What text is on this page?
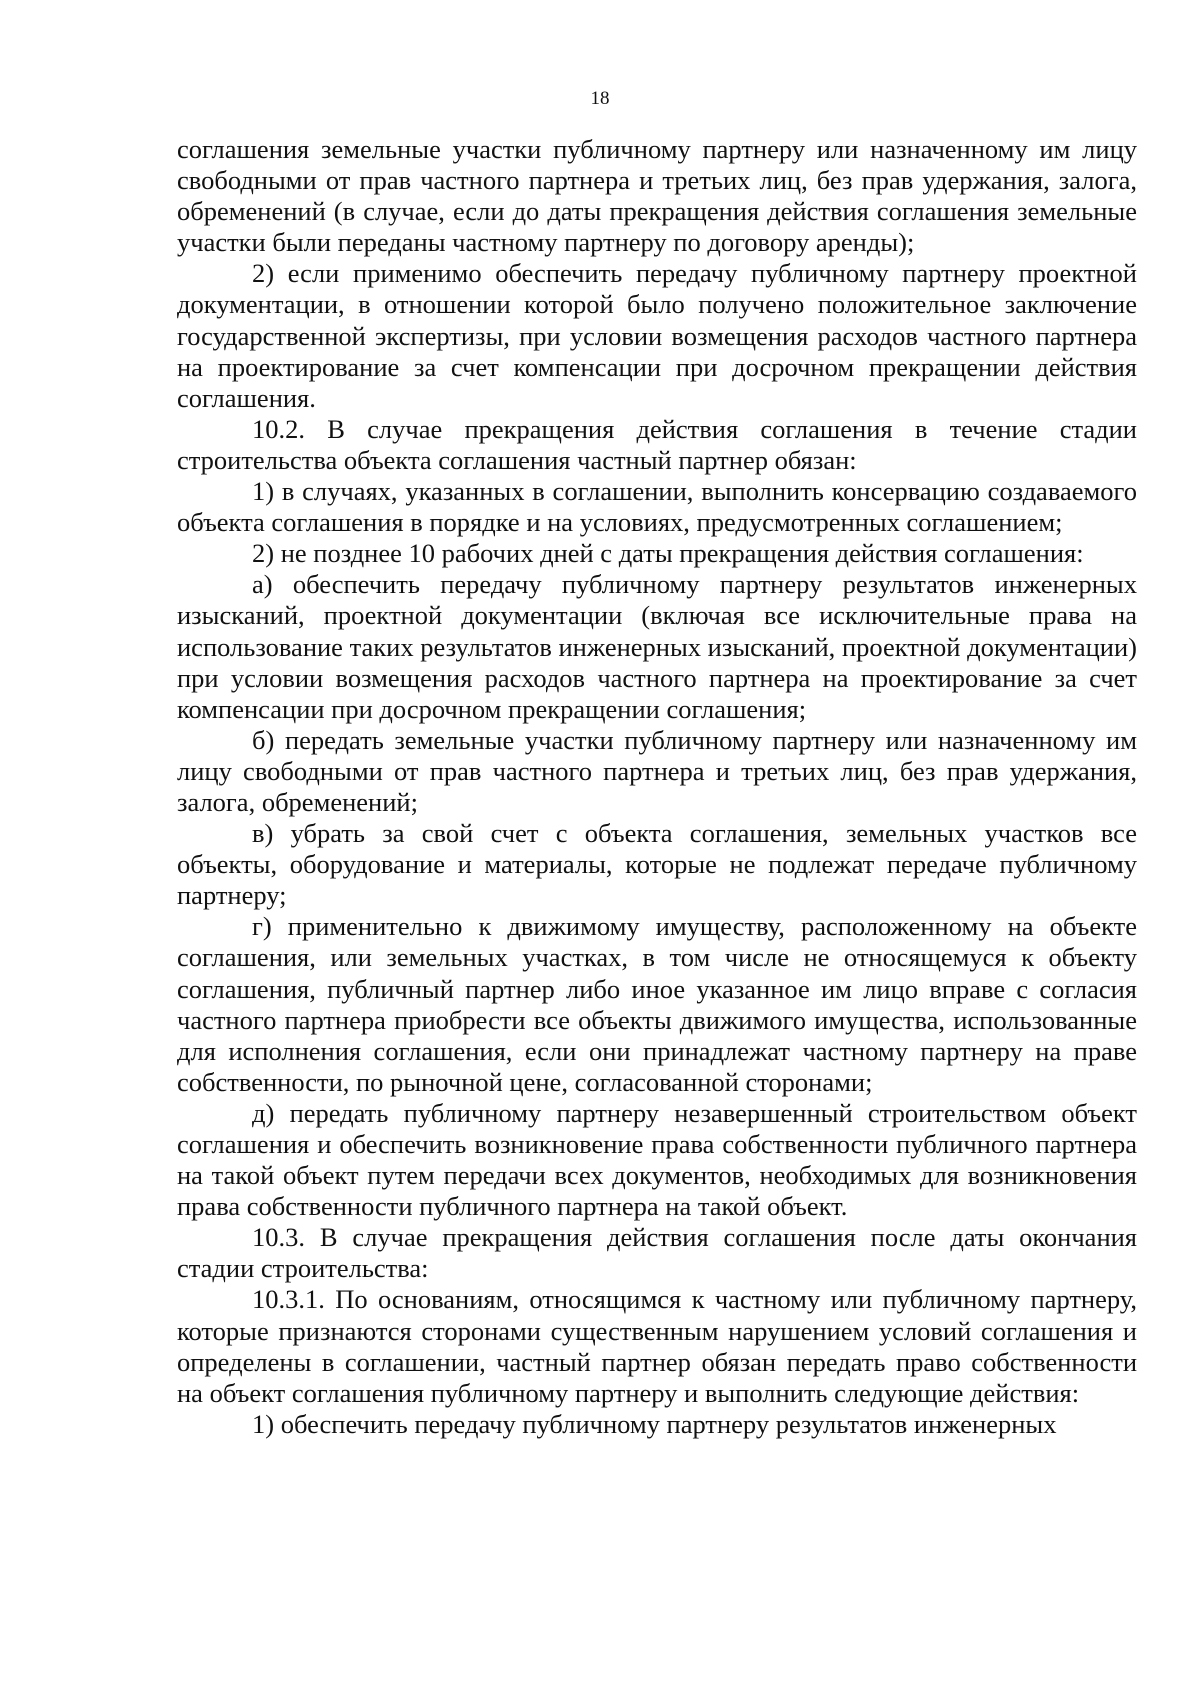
18

соглашения земельные участки публичному партнеру или назначенному им лицу свободными от прав частного партнера и третьих лиц, без прав удержания, залога, обременений (в случае, если до даты прекращения действия соглашения земельные участки были переданы частному партнеру по договору аренды);

2) если применимо обеспечить передачу публичному партнеру проектной документации, в отношении которой было получено положительное заключение государственной экспертизы, при условии возмещения расходов частного партнера на проектирование за счет компенсации при досрочном прекращении действия соглашения.

10.2. В случае прекращения действия соглашения в течение стадии строительства объекта соглашения частный партнер обязан:

1) в случаях, указанных в соглашении, выполнить консервацию создаваемого объекта соглашения в порядке и на условиях, предусмотренных соглашением;

2) не позднее 10 рабочих дней с даты прекращения действия соглашения:

а) обеспечить передачу публичному партнеру результатов инженерных изысканий, проектной документации (включая все исключительные права на использование таких результатов инженерных изысканий, проектной документации) при условии возмещения расходов частного партнера на проектирование за счет компенсации при досрочном прекращении соглашения;

б) передать земельные участки публичному партнеру или назначенному им лицу свободными от прав частного партнера и третьих лиц, без прав удержания, залога, обременений;

в) убрать за свой счет с объекта соглашения, земельных участков все объекты, оборудование и материалы, которые не подлежат передаче публичному партнеру;

г) применительно к движимому имуществу, расположенному на объекте соглашения, или земельных участках, в том числе не относящемуся к объекту соглашения, публичный партнер либо иное указанное им лицо вправе с согласия частного партнера приобрести все объекты движимого имущества, использованные для исполнения соглашения, если они принадлежат частному партнеру на праве собственности, по рыночной цене, согласованной сторонами;

д) передать публичному партнеру незавершенный строительством объект соглашения и обеспечить возникновение права собственности публичного партнера на такой объект путем передачи всех документов, необходимых для возникновения права собственности публичного партнера на такой объект.

10.3. В случае прекращения действия соглашения после даты окончания стадии строительства:

10.3.1. По основаниям, относящимся к частному или публичному партнеру, которые признаются сторонами существенным нарушением условий соглашения и определены в соглашении, частный партнер обязан передать право собственности на объект соглашения публичному партнеру и выполнить следующие действия:

1) обеспечить передачу публичному партнеру результатов инженерных
